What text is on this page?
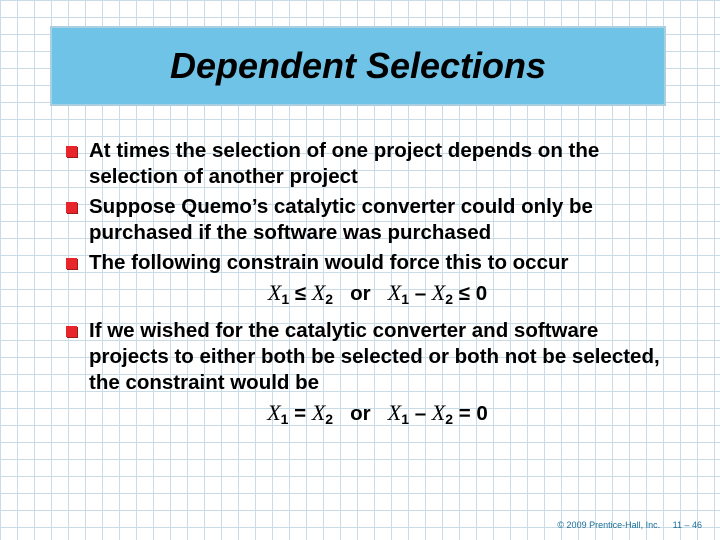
Dependent Selections
At times the selection of one project depends on the selection of another project
Suppose Quemo’s catalytic converter could only be purchased if the software was purchased
The following constrain would force this to occur
$X_1 \le X_2$   or   $X_1 - X_2 \le 0$
If we wished for the catalytic converter and software projects to either both be selected or both not be selected, the constraint would be
$X_1 = X_2$   or   $X_1 - X_2 = 0$
© 2009 Prentice-Hall, Inc. 11 – 46
